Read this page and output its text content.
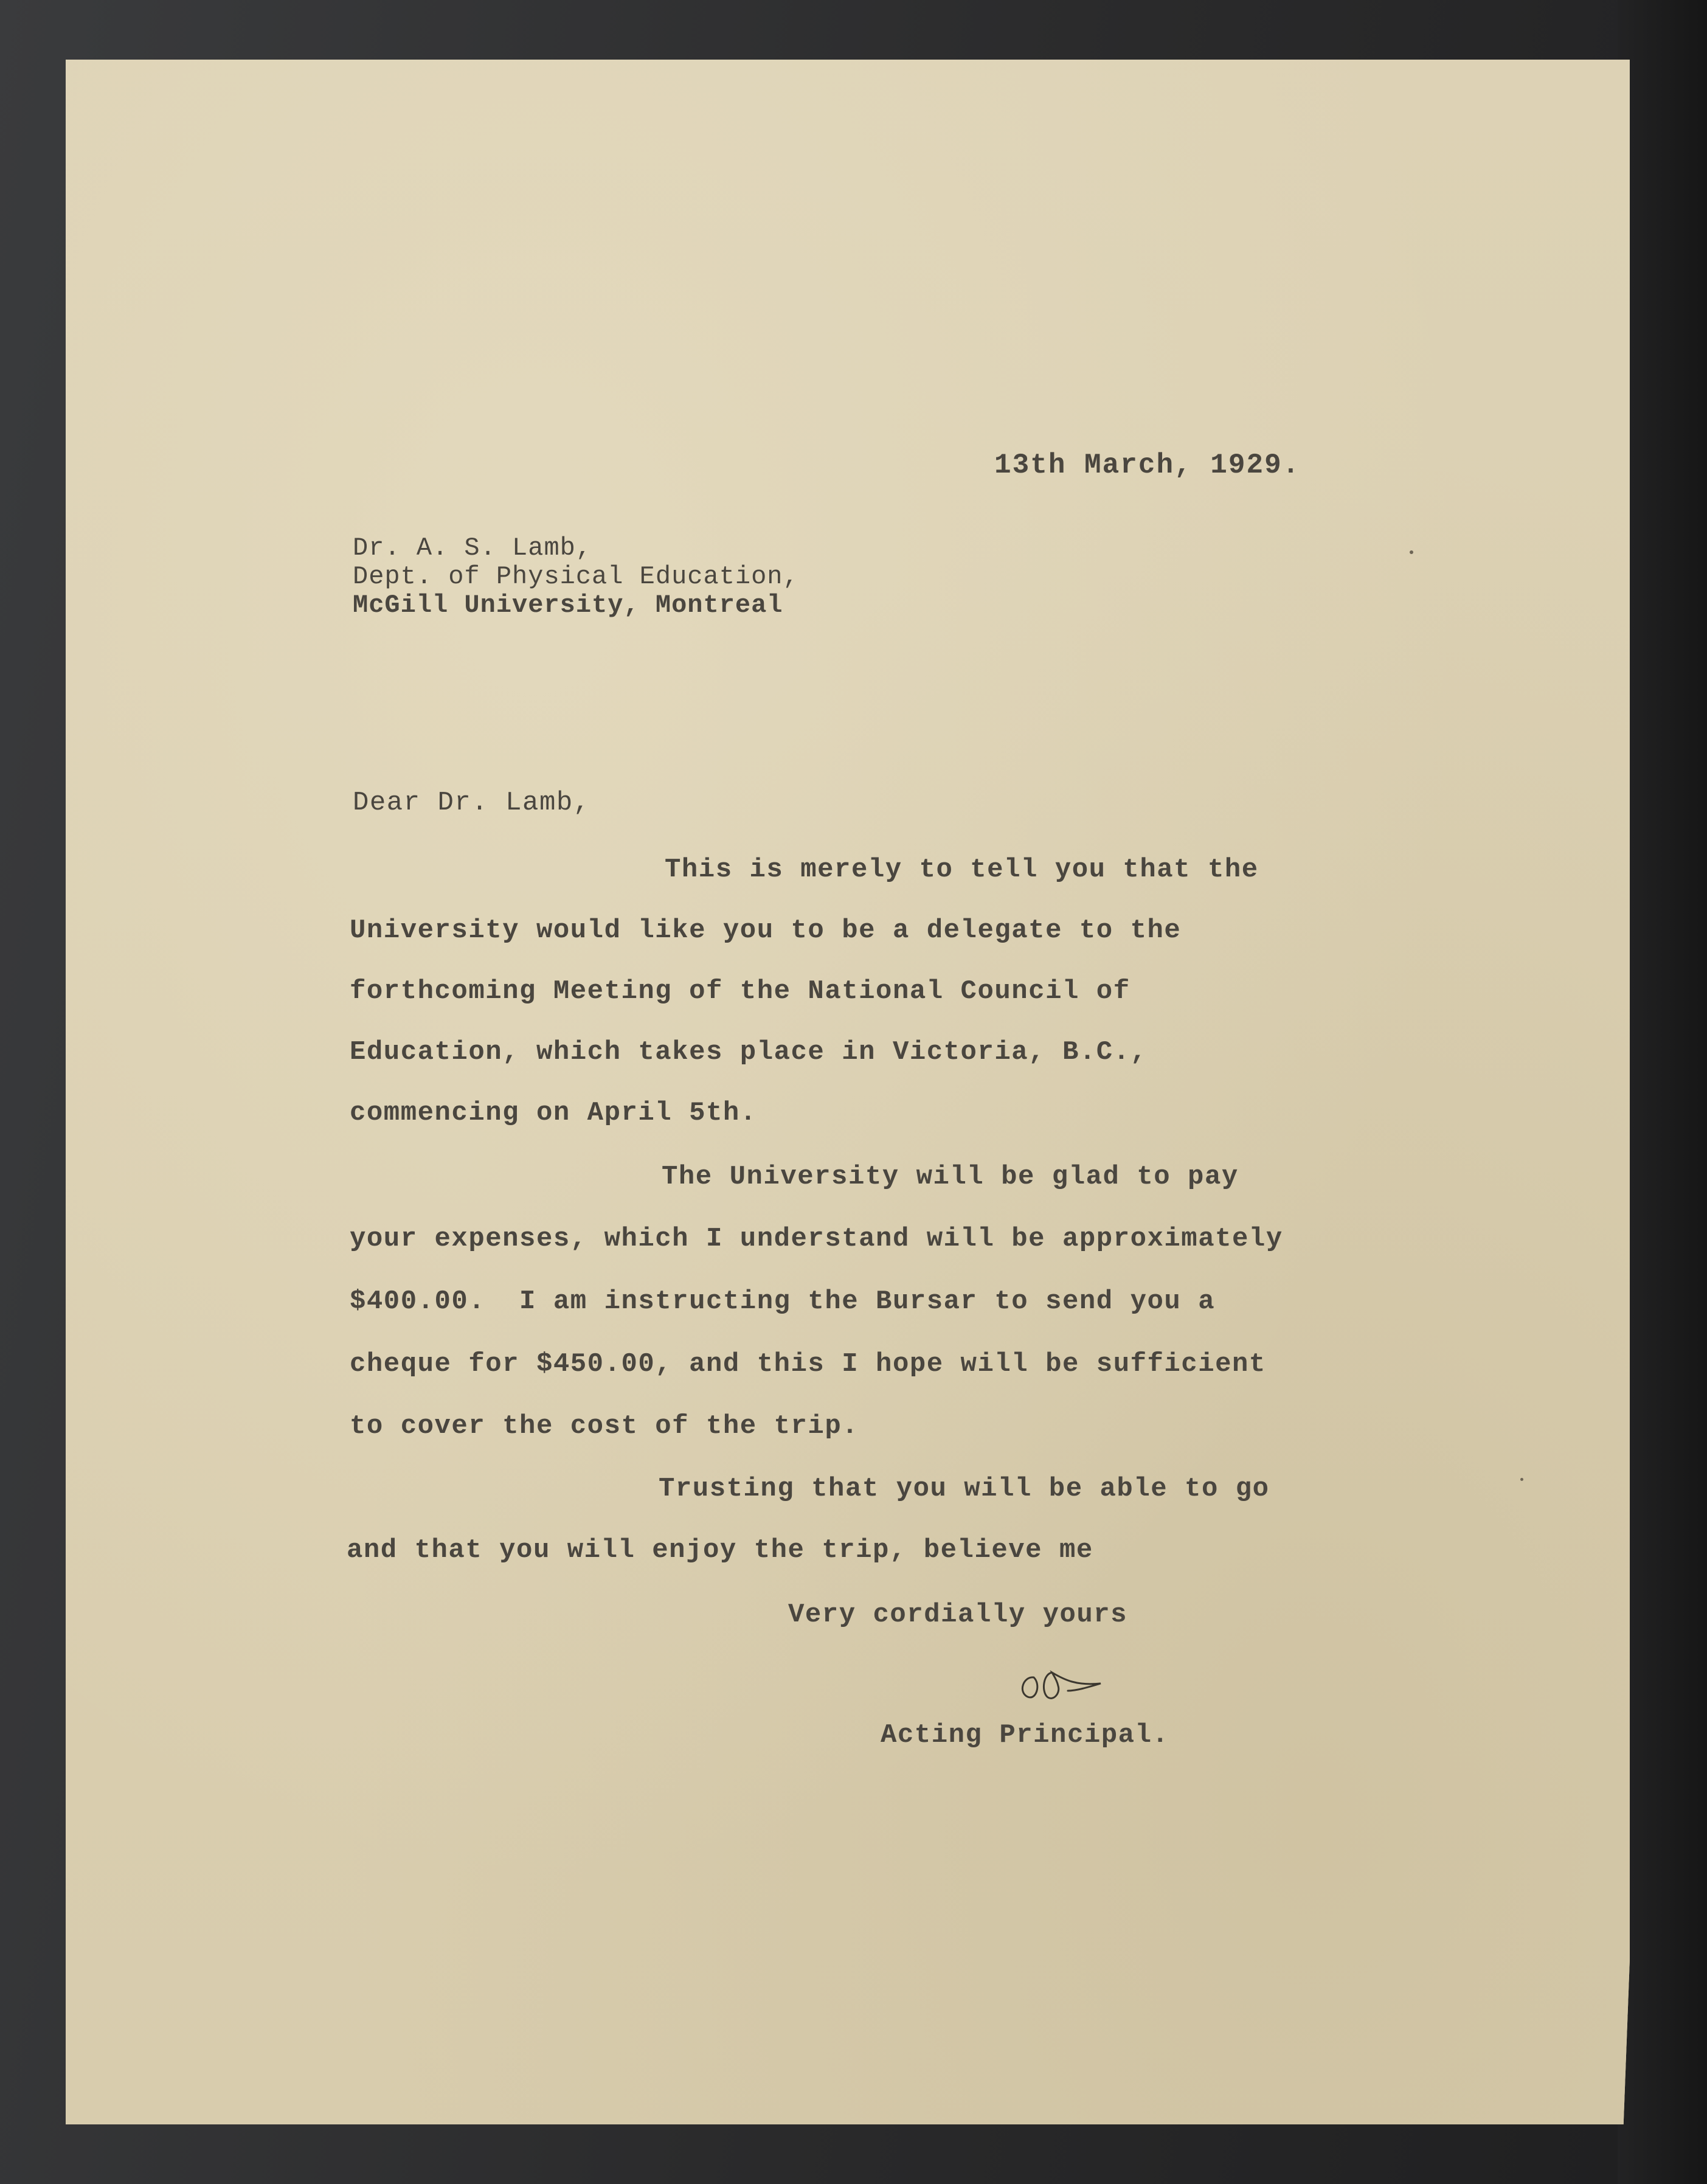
13th March, 1929.
Dr. A. S. Lamb,
Dept. of Physical Education,
McGill University, Montreal
Dear Dr. Lamb,
This is merely to tell you that the
University would like you to be a delegate to the
forthcoming Meeting of the National Council of
Education, which takes place in Victoria, B.C.,
commencing on April 5th.
The University will be glad to pay
your expenses, which I understand will be approximately
$400.00.  I am instructing the Bursar to send you a
cheque for $450.00, and this I hope will be sufficient
to cover the cost of the trip.
Trusting that you will be able to go
and that you will enjoy the trip, believe me
Very cordially yours
Acting Principal.
